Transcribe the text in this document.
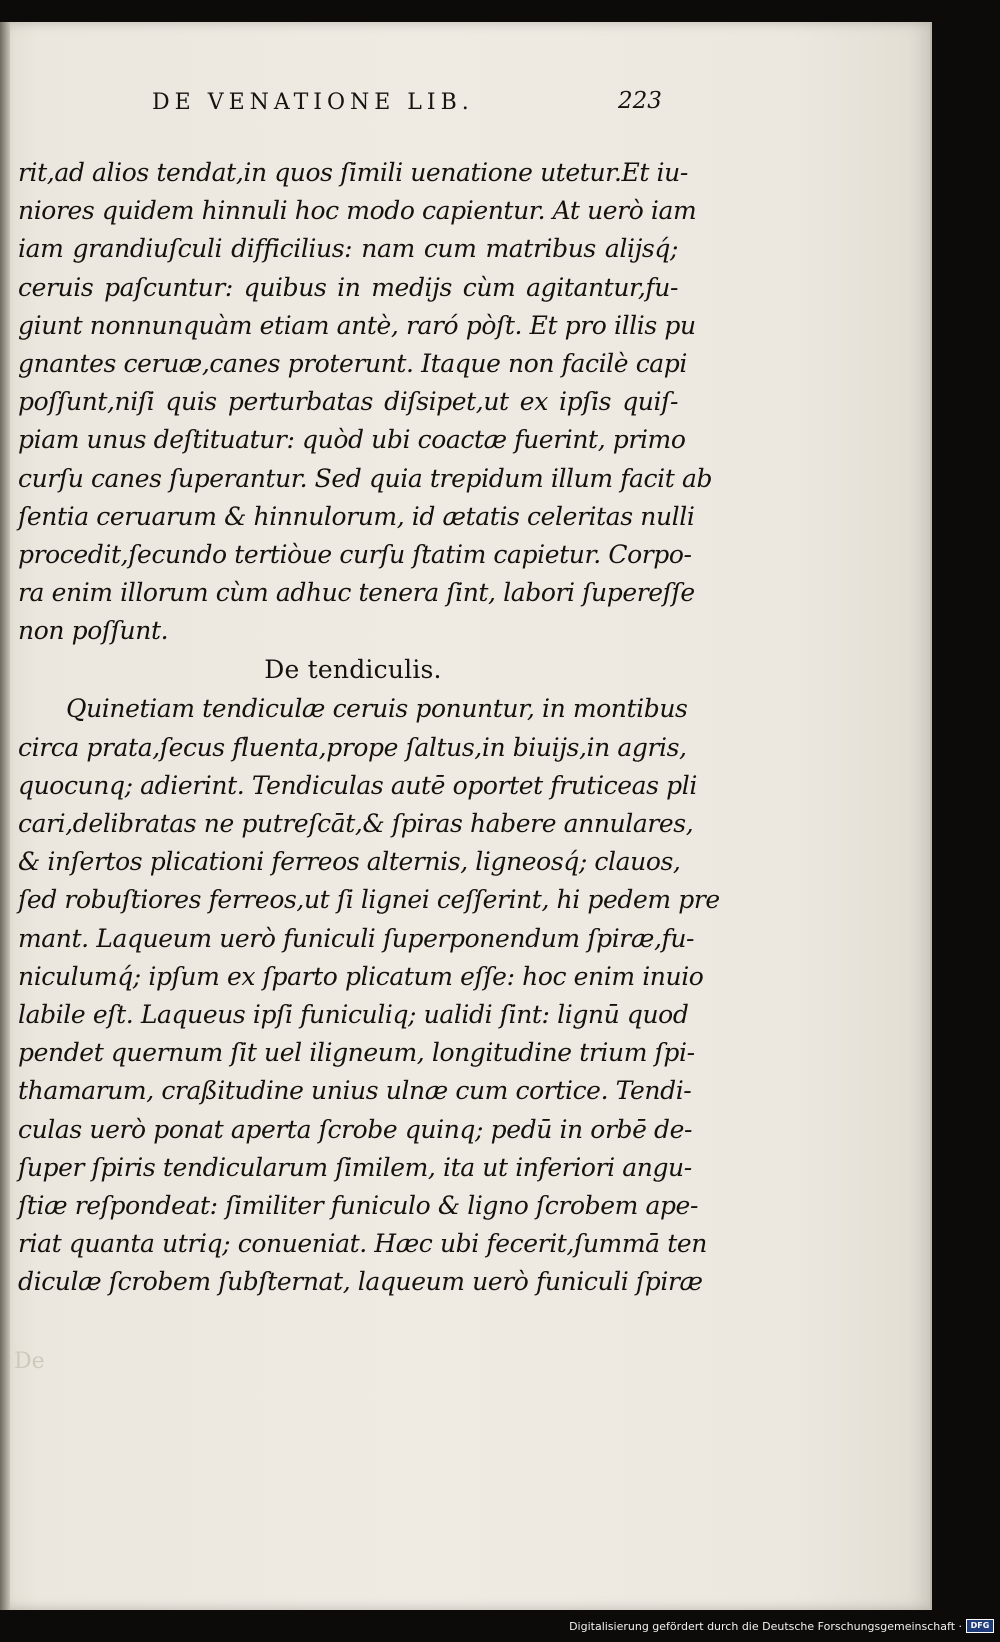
DE VENATIONE LIB.	223
rit,ad alios tendat,in quos ſimili uenatione utetur.Et iu-
niores quidem hinnuli hoc modo capientur. At uerò iam
iam grandiuſculi difficilius: nam cum matribus alijsq́;
ceruis paſcuntur: quibus in medijs cùm agitantur,fu-
giunt nonnunquàm etiam antè, raró pòſt. Et pro illis pu
gnantes ceruæ,canes proterunt. Itaque non facilè capi
poſſunt,niſi quis perturbatas diſsipet,ut ex ipſis quiſ-
piam unus deſtituatur: quòd ubi coactæ fuerint, primo
curſu canes ſuperantur. Sed quia trepidum illum facit ab
ſentia ceruarum & hinnulorum, id ætatis celeritas nulli
procedit,ſecundo tertiòue curſu ſtatim capietur. Corpo-
ra enim illorum cùm adhuc tenera ſint, labori ſupereſſe
non poſſunt.
De tendiculis.
Quinetiam tendiculæ ceruis ponuntur, in montibus
circa prata,ſecus fluenta,prope ſaltus,in biuijs,in agris,
quocunq; adierint. Tendiculas autē oportet fruticeas pli
cari,delibratas ne putreſcāt,& ſpiras habere annulares,
& inſertos plicationi ferreos alternis, ligneosq́; clauos,
ſed robuſtiores ferreos,ut ſi lignei ceſſerint, hi pedem pre
mant. Laqueum uerò funiculi ſuperponendum ſpiræ,fu-
niculumq́; ipſum ex ſparto plicatum eſſe: hoc enim inuio
labile eſt. Laqueus ipſi funiculiq; ualidi ſint: lignū quod
pendet quernum ſit uel iligneum, longitudine trium ſpi-
thamarum, craßitudine unius ulnæ cum cortice. Tendi-
culas uerò ponat aperta ſcrobe quinq; pedū in orbē de-
ſuper ſpiris tendicularum ſimilem, ita ut inferiori angu-
ſtiæ reſpondeat: ſimiliter funiculo & ligno ſcrobem ape-
riat quanta utriq; conueniat. Hæc ubi fecerit,ſummā ten
diculæ ſcrobem ſubſternat, laqueum uerò funiculi ſpiræ
De
Digitalisierung gefördert durch die Deutsche Forschungsgemeinschaft ·	DFG
